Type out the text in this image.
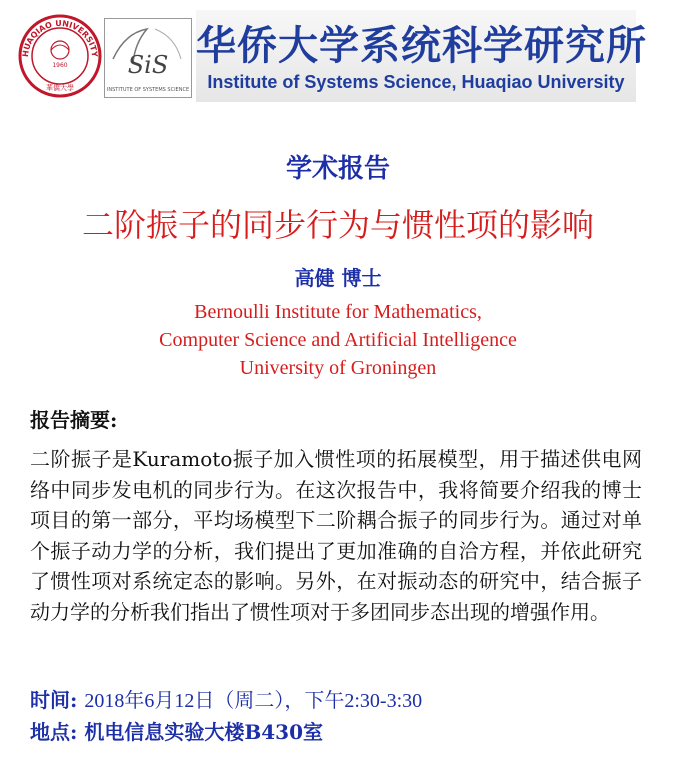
HUAQIAO UNIVERSITY
1960
華僑大學
SiS
INSTITUTE OF SYSTEMS SCIENCE
华侨大学系统科学研究所
Institute of Systems Science, Huaqiao University
学术报告
二阶振子的同步行为与惯性项的影响
高健 博士
Bernoulli Institute for Mathematics,
Computer Science and Artificial Intelligence
University of Groningen
报告摘要:
二阶振子是Kuramoto振子加入惯性项的拓展模型，用于描述供电网络中同步发电机的同步行为。在这次报告中，我将简要介绍我的博士项目的第一部分，平均场模型下二阶耦合振子的同步行为。通过对单个振子动力学的分析，我们提出了更加准确的自洽方程，并依此研究了惯性项对系统定态的影响。另外，在对振动态的研究中，结合振子动力学的分析我们指出了惯性项对于多团同步态出现的增强作用。
时间: 2018年6月12日（周二），下午2:30-3:30
地点: 机电信息实验大楼B430室
